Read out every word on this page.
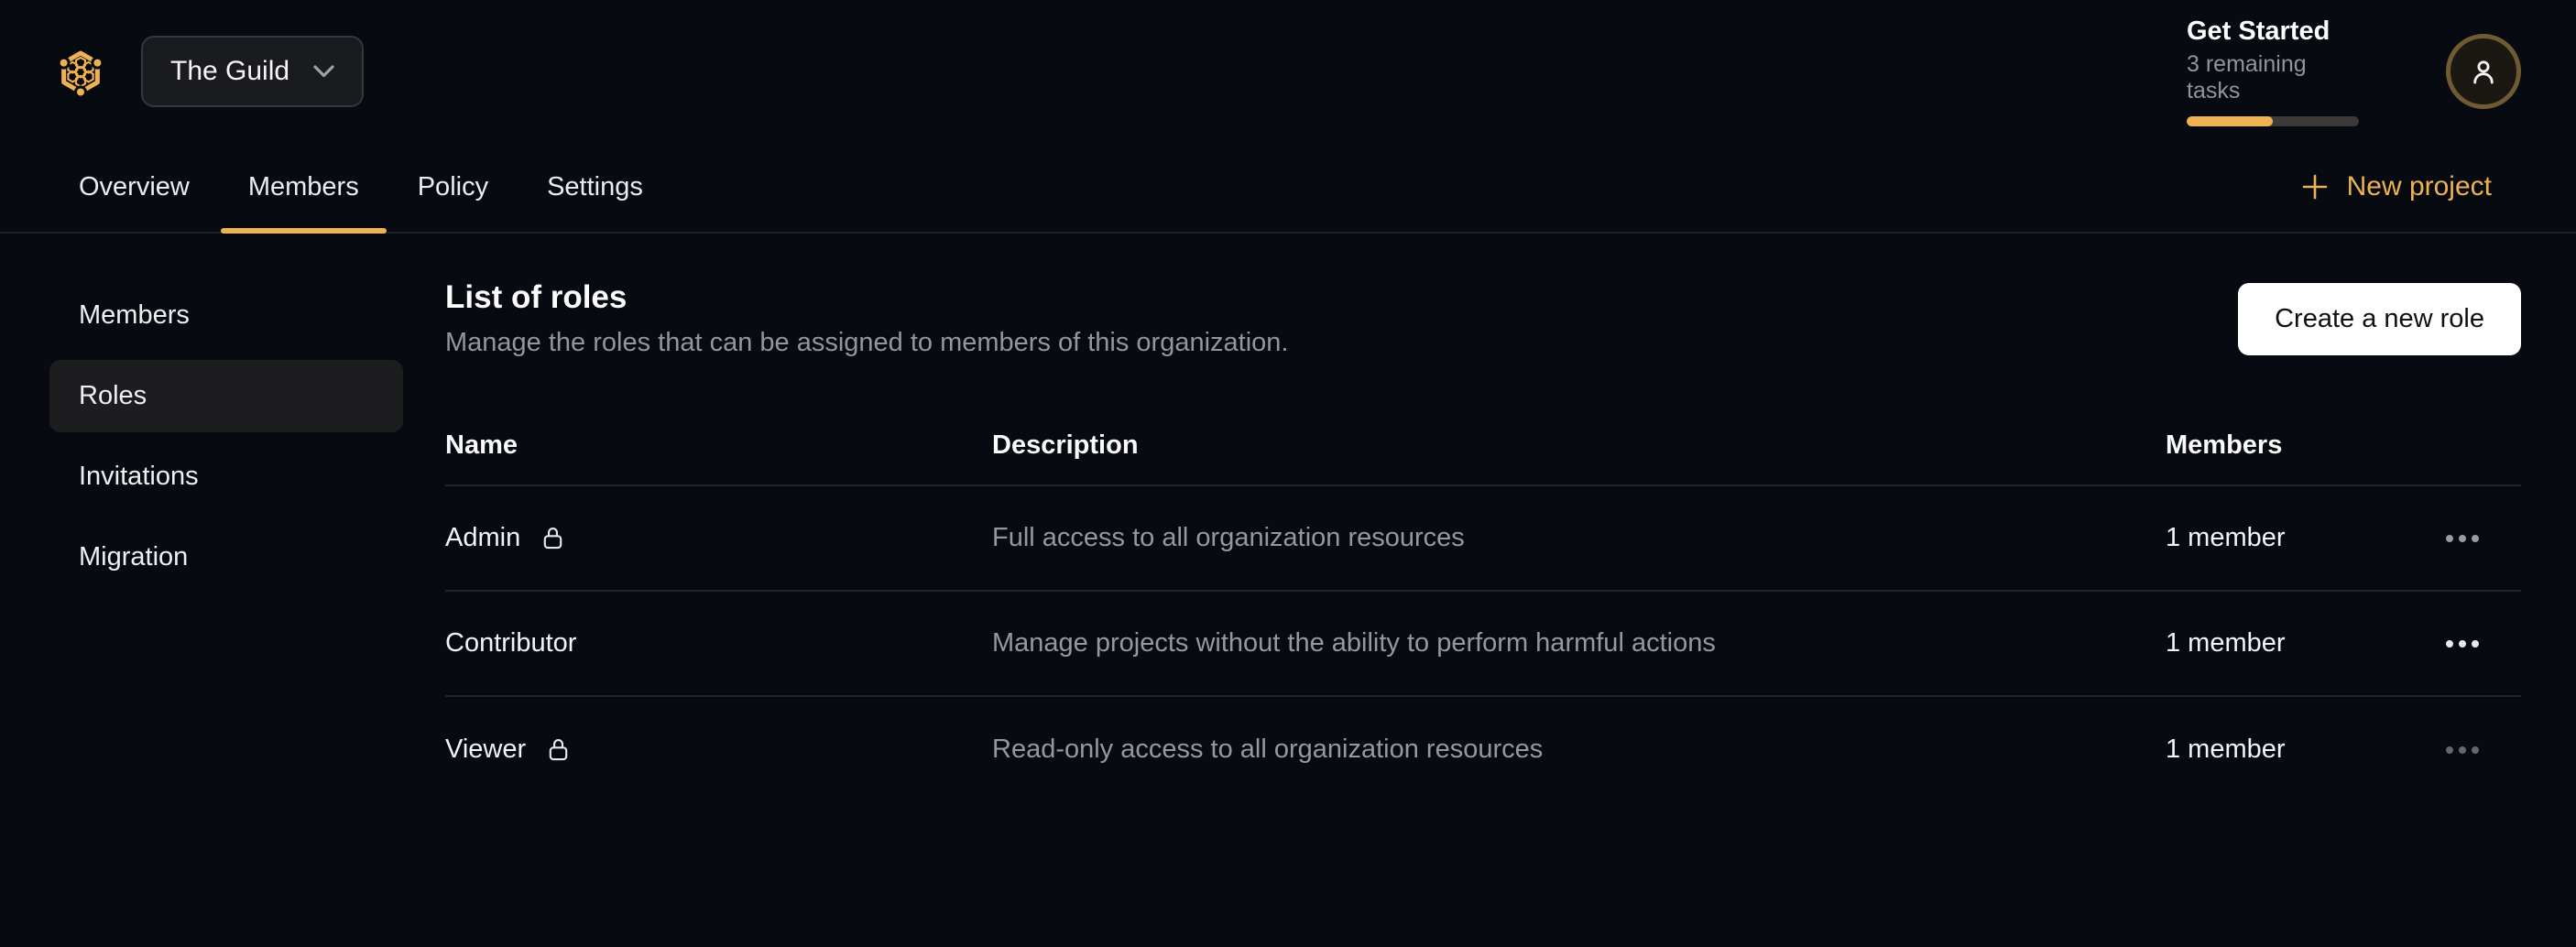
The Guild
Get Started
3 remaining tasks
Overview Members Policy Settings	New project
Members
Roles
Invitations
Migration
List of roles
Manage the roles that can be assigned to members of this organization.
Create a new role
Name	Description	Members
Admin	Full access to all organization resources	1 member
Contributor	Manage projects without the ability to perform harmful actions	1 member
Viewer	Read-only access to all organization resources	1 member
